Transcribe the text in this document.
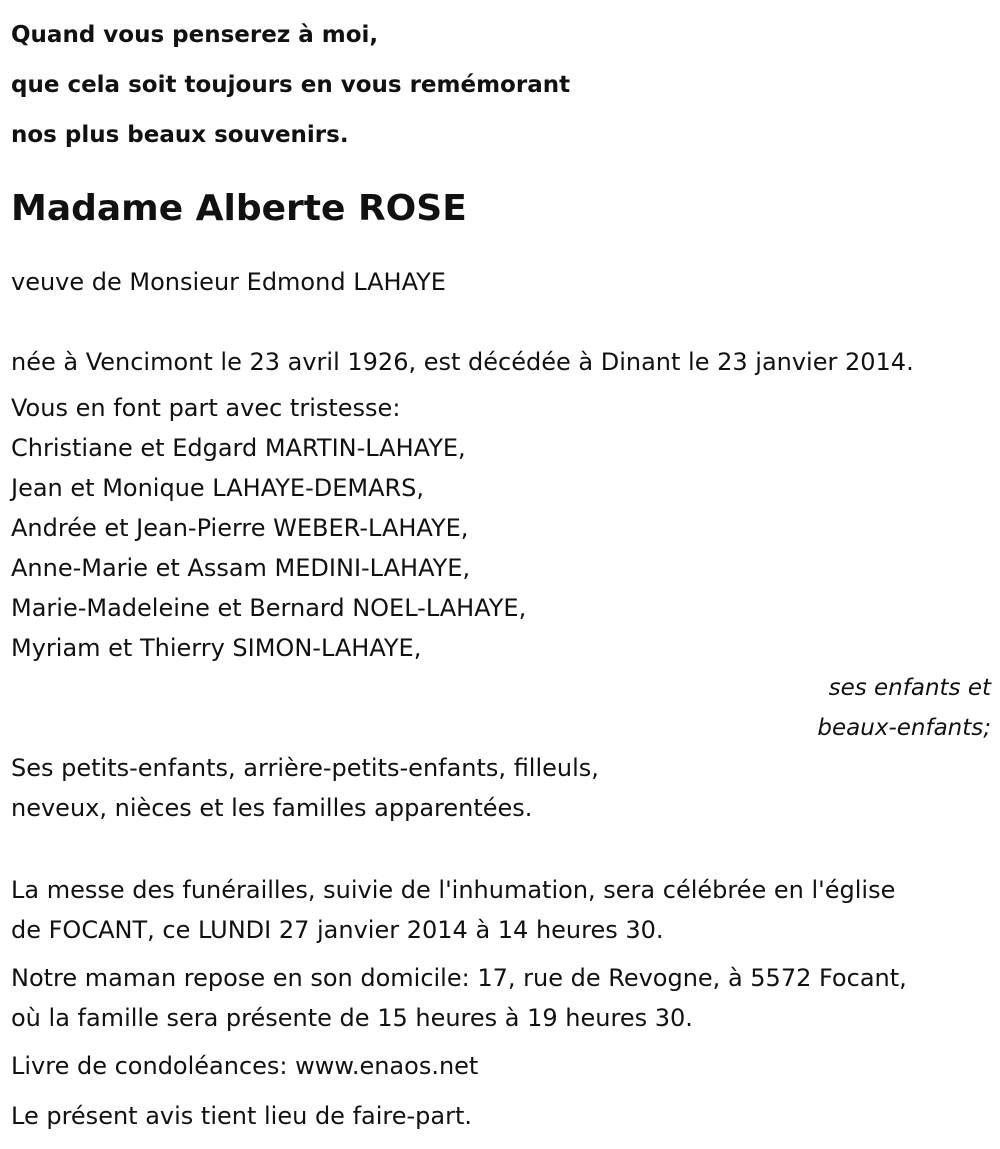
Quand vous penserez à moi,
que cela soit toujours en vous remémorant
nos plus beaux souvenirs.
Madame Alberte ROSE
veuve de Monsieur Edmond LAHAYE
née à Vencimont le 23 avril 1926, est décédée à Dinant le 23 janvier 2014.
Vous en font part avec tristesse:
Christiane et Edgard MARTIN-LAHAYE,
Jean et Monique LAHAYE-DEMARS,
Andrée et Jean-Pierre WEBER-LAHAYE,
Anne-Marie et Assam MEDINI-LAHAYE,
Marie-Madeleine et Bernard NOEL-LAHAYE,
Myriam et Thierry SIMON-LAHAYE,
ses enfants et
beaux-enfants;
Ses petits-enfants, arrière-petits-enfants, filleuls,
neveux, nièces et les familles apparentées.
La messe des funérailles, suivie de l'inhumation, sera célébrée en l'église
de FOCANT, ce LUNDI 27 janvier 2014 à 14 heures 30.
Notre maman repose en son domicile: 17, rue de Revogne, à 5572 Focant,
où la famille sera présente de 15 heures à 19 heures 30.
Livre de condoléances: www.enaos.net
Le présent avis tient lieu de faire-part.
